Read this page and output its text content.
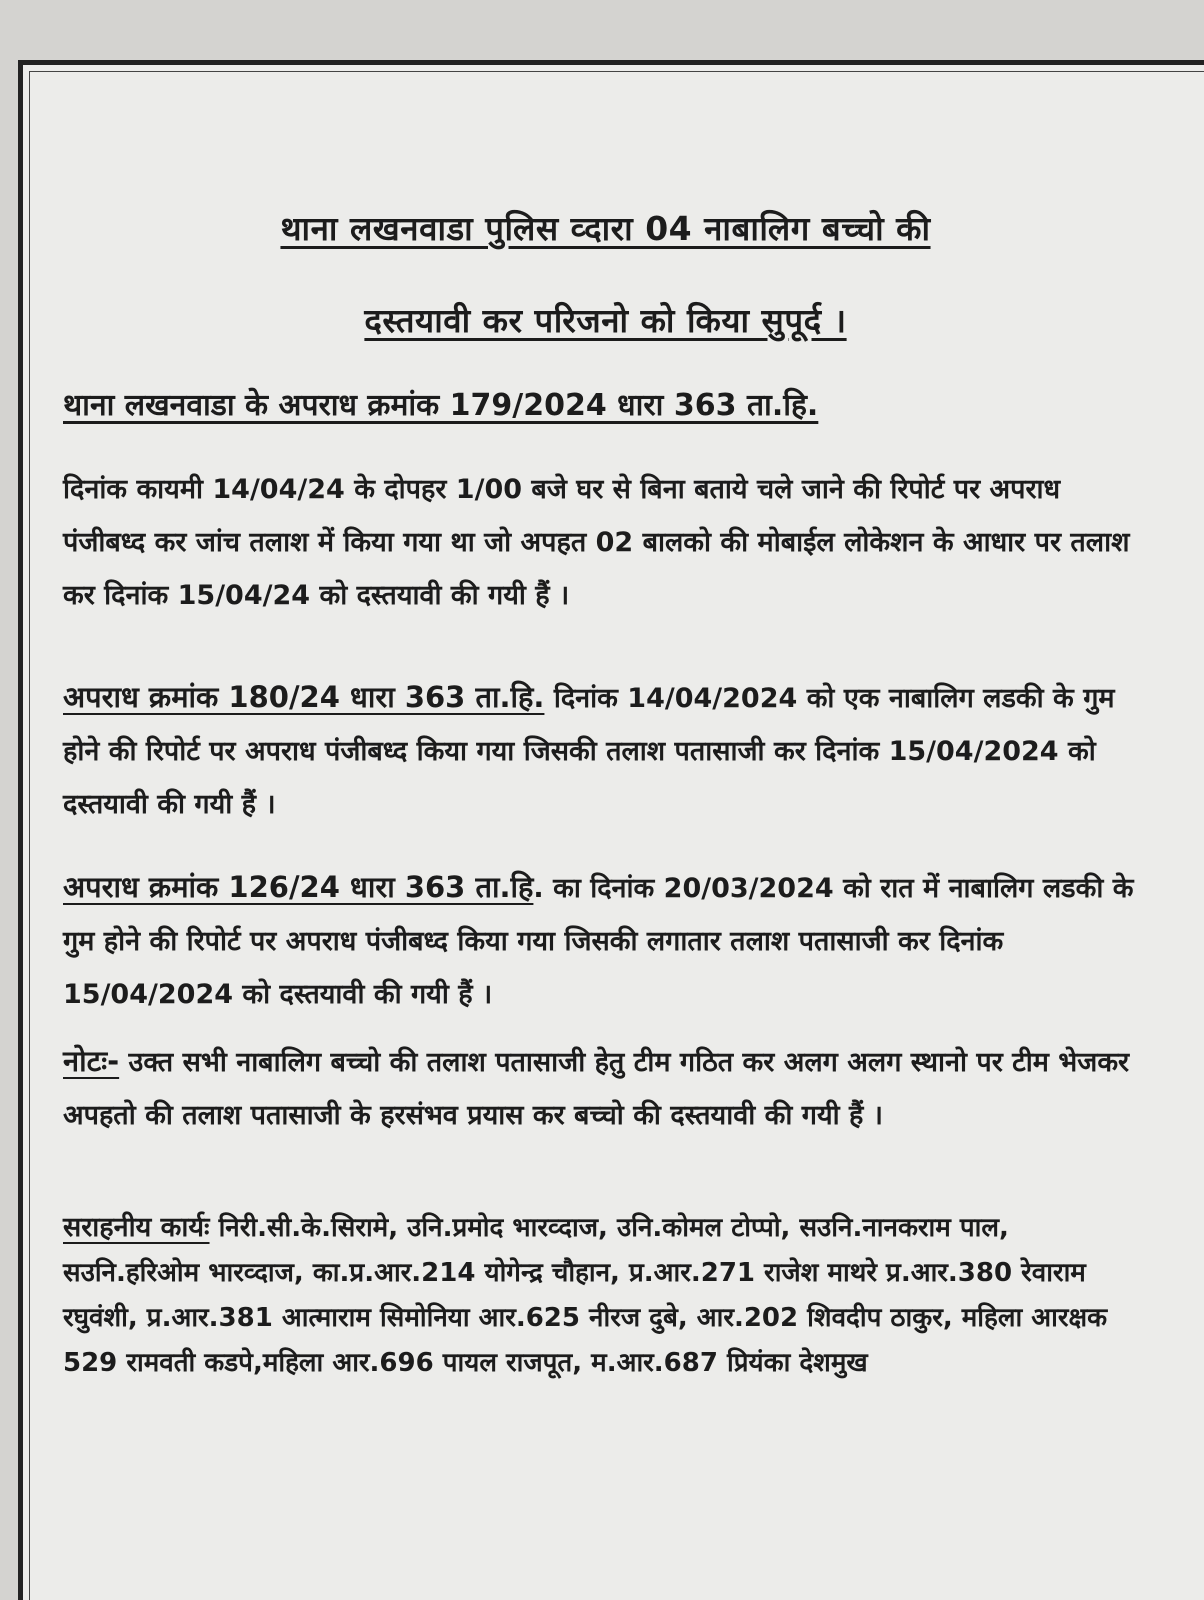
थाना लखनवाडा पुलिस व्दारा 04 नाबालिग बच्चो की
दस्तयावी कर परिजनो को किया सुपूर्द ।
थाना लखनवाडा के अपराध क्रमांक 179/2024 धारा 363 ता.हि.
दिनांक कायमी 14/04/24 के दोपहर 1/00 बजे घर से बिना बताये चले जाने की रिपोर्ट पर अपराध पंजीबध्द कर जांच तलाश में किया गया था जो अपहत 02 बालको की मोबाईल लोकेशन के आधार पर तलाश कर दिनांक 15/04/24 को दस्तयावी की गयी हैं ।
अपराध क्रमांक 180/24 धारा 363 ता.हि. दिनांक 14/04/2024 को एक नाबालिग लडकी के गुम होने की रिपोर्ट पर अपराध पंजीबध्द किया गया जिसकी तलाश पतासाजी कर दिनांक 15/04/2024 को दस्तयावी की गयी हैं ।
अपराध क्रमांक 126/24 धारा 363 ता.हि. का दिनांक 20/03/2024 को रात में नाबालिग लडकी के गुम होने की रिपोर्ट पर अपराध पंजीबध्द किया गया जिसकी लगातार तलाश पतासाजी कर दिनांक 15/04/2024 को दस्तयावी की गयी हैं ।
नोटः- उक्त सभी नाबालिग बच्चो की तलाश पतासाजी हेतु टीम गठित कर अलग अलग स्थानो पर टीम भेजकर अपहतो की तलाश पतासाजी के हरसंभव प्रयास कर बच्चो की दस्तयावी की गयी हैं ।
सराहनीय कार्यः निरी.सी.के.सिरामे, उनि.प्रमोद भारव्दाज, उनि.कोमल टोप्पो, सउनि.नानकराम पाल, सउनि.हरिओम भारव्दाज, का.प्र.आर.214 योगेन्द्र चौहान, प्र.आर.271 राजेश माथरे प्र.आर.380 रेवाराम रघुवंशी, प्र.आर.381 आत्माराम सिमोनिया आर.625 नीरज दुबे, आर.202 शिवदीप ठाकुर, महिला आरक्षक 529 रामवती कडपे,महिला आर.696 पायल राजपूत, म.आर.687 प्रियंका देशमुख
